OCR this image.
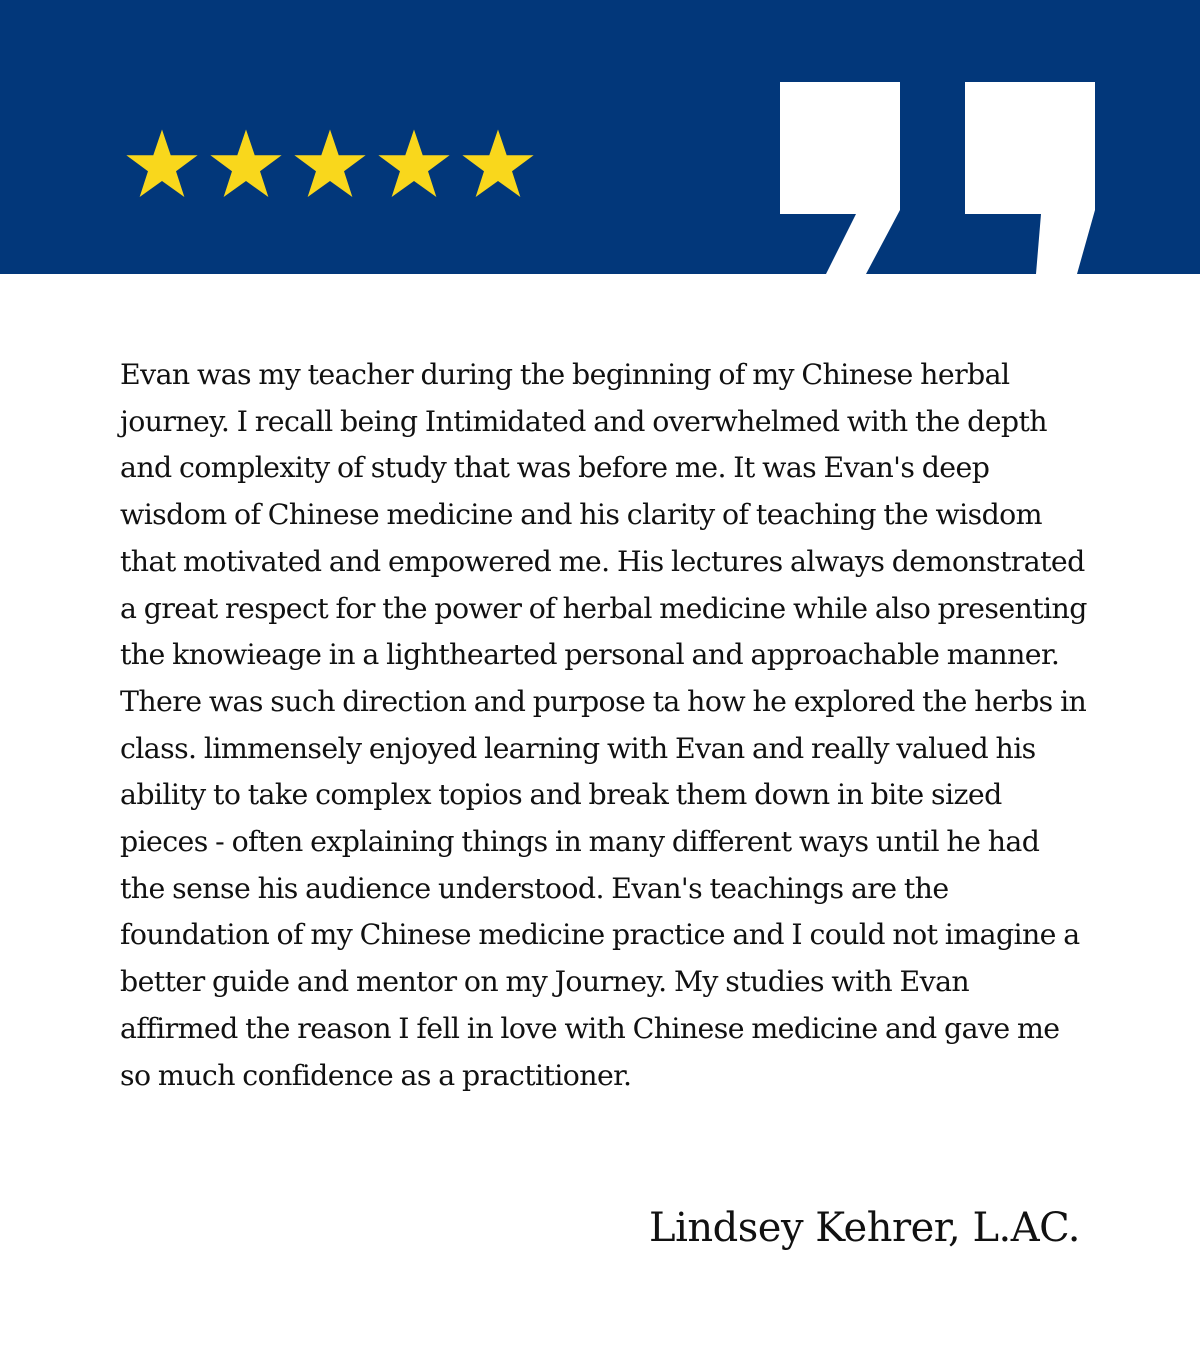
Evan was my teacher during the beginning of my Chinese herbal journey. I recall being Intimidated and overwhelmed with the depth and complexity of study that was before me. It was Evan's deep wisdom of Chinese medicine and his clarity of teaching the wisdom that motivated and empowered me. His lectures always demonstrated a great respect for the power of herbal medicine while also presenting the knowieage in a lighthearted personal and approachable manner. There was such direction and purpose ta how he explored the herbs in class. limmensely enjoyed learning with Evan and really valued his ability to take complex topios and break them down in bite sized pieces - often explaining things in many different ways until he had the sense his audience understood. Evan's teachings are the foundation of my Chinese medicine practice and I could not imagine a better guide and mentor on my Journey. My studies with Evan affirmed the reason I fell in love with Chinese medicine and gave me so much confidence as a practitioner.

Lindsey Kehrer, L.AC.
